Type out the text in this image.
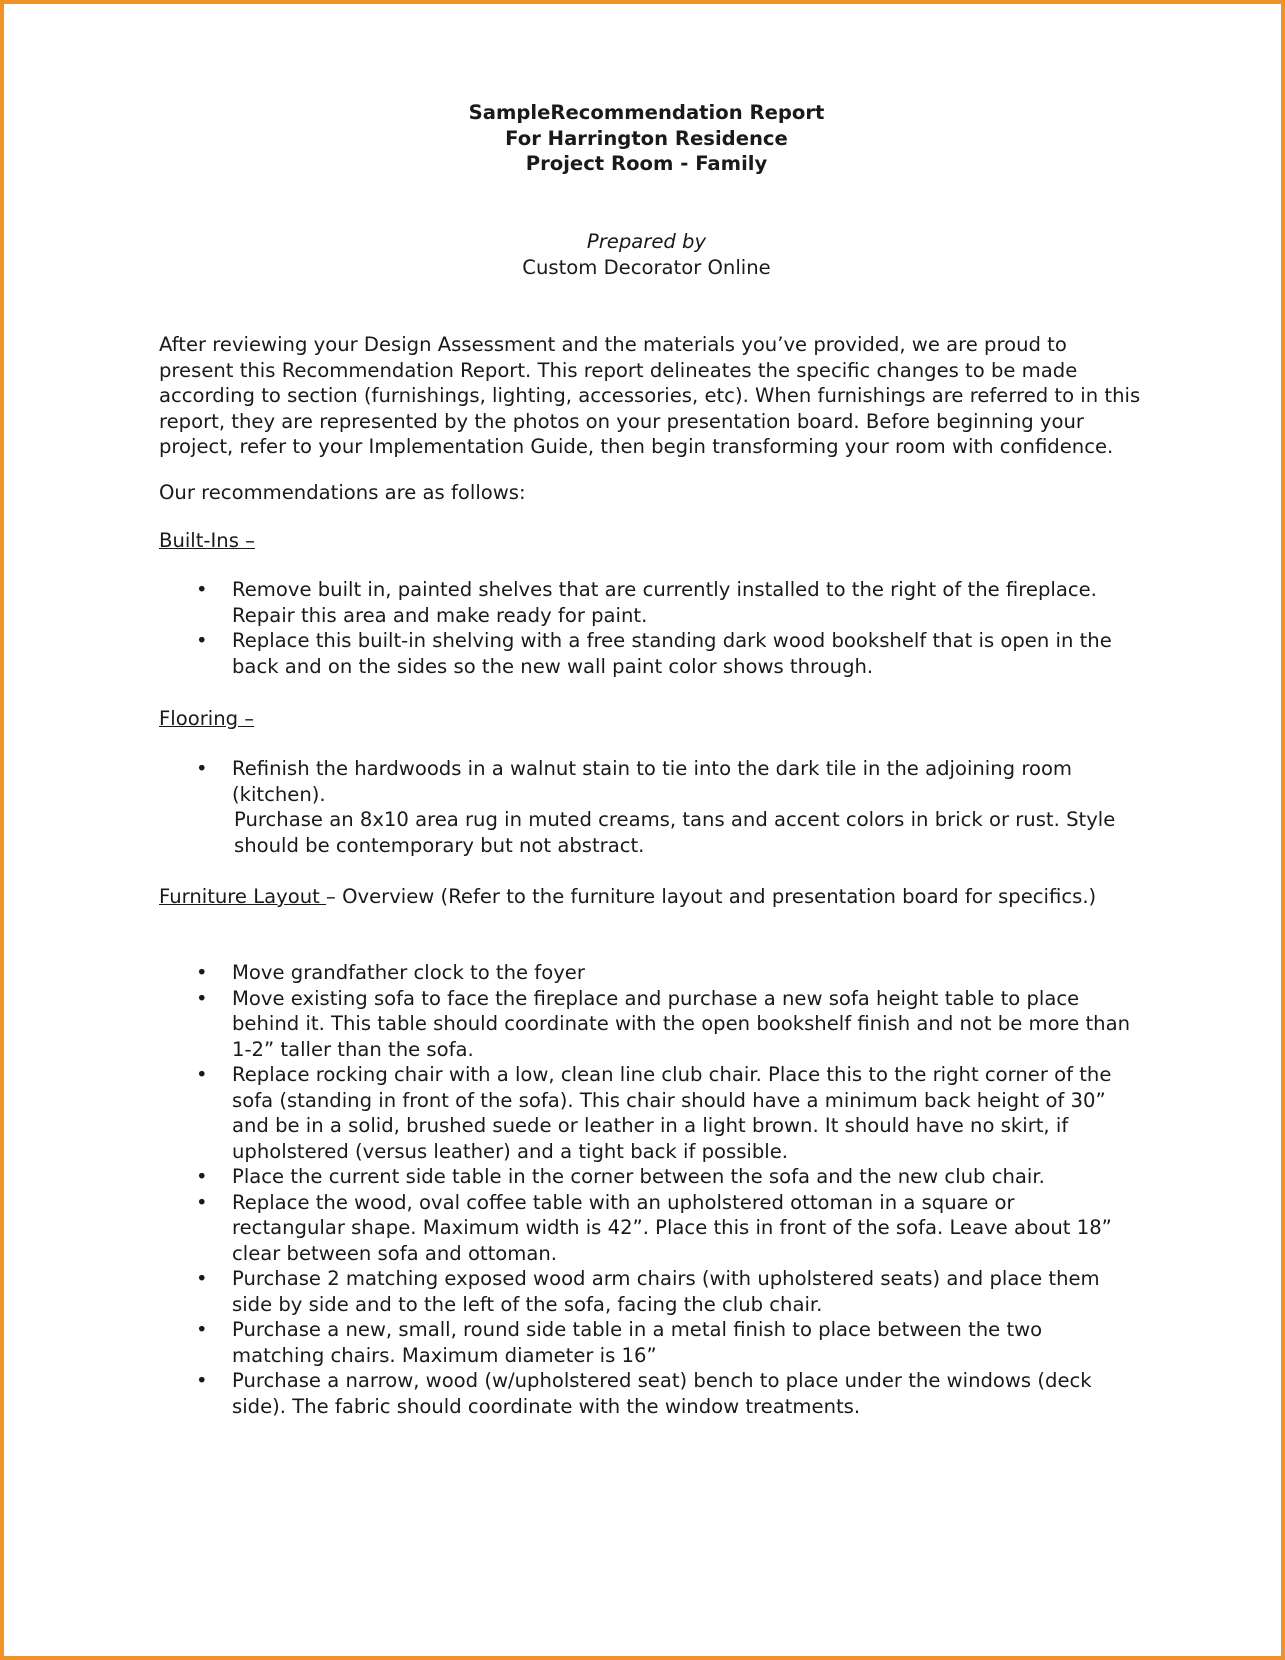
SampleRecommendation Report
For Harrington Residence
Project Room - Family
Prepared by
Custom Decorator Online
After reviewing your Design Assessment and the materials you’ve provided, we are proud to
present this Recommendation Report. This report delineates the specific changes to be made
according to section (furnishings, lighting, accessories, etc). When furnishings are referred to in this
report, they are represented by the photos on your presentation board. Before beginning your
project, refer to your Implementation Guide, then begin transforming your room with confidence.
Our recommendations are as follows:
Built-Ins –
• Remove built in, painted shelves that are currently installed to the right of the fireplace.
Repair this area and make ready for paint.
• Replace this built-in shelving with a free standing dark wood bookshelf that is open in the
back and on the sides so the new wall paint color shows through.
Flooring –
• Refinish the hardwoods in a walnut stain to tie into the dark tile in the adjoining room
(kitchen).
Purchase an 8x10 area rug in muted creams, tans and accent colors in brick or rust. Style
should be contemporary but not abstract.
Furniture Layout – Overview (Refer to the furniture layout and presentation board for specifics.)
• Move grandfather clock to the foyer
• Move existing sofa to face the fireplace and purchase a new sofa height table to place
behind it. This table should coordinate with the open bookshelf finish and not be more than
1-2” taller than the sofa.
• Replace rocking chair with a low, clean line club chair. Place this to the right corner of the
sofa (standing in front of the sofa). This chair should have a minimum back height of 30”
and be in a solid, brushed suede or leather in a light brown. It should have no skirt, if
upholstered (versus leather) and a tight back if possible.
• Place the current side table in the corner between the sofa and the new club chair.
• Replace the wood, oval coffee table with an upholstered ottoman in a square or
rectangular shape. Maximum width is 42”. Place this in front of the sofa. Leave about 18”
clear between sofa and ottoman.
• Purchase 2 matching exposed wood arm chairs (with upholstered seats) and place them
side by side and to the left of the sofa, facing the club chair.
• Purchase a new, small, round side table in a metal finish to place between the two
matching chairs. Maximum diameter is 16”
• Purchase a narrow, wood (w/upholstered seat) bench to place under the windows (deck
side). The fabric should coordinate with the window treatments.
